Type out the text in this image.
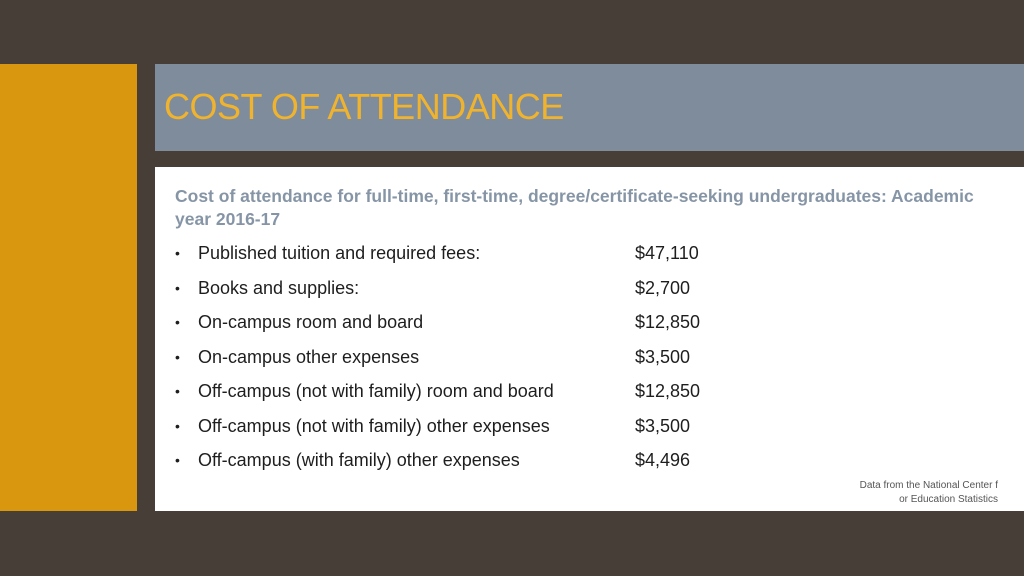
COST OF ATTENDANCE

Cost of attendance for full-time, first-time, degree/certificate-seeking undergraduates: Academic year 2016-17

•	Published tuition and required fees:	$47,110
•	Books and supplies:	$2,700
•	On-campus room and board	$12,850
•	On-campus other expenses	$3,500
•	Off-campus (not with family) room and board	$12,850
•	Off-campus (not with family) other expenses	$3,500
•	Off-campus (with family) other expenses	$4,496

Data from the National Center for Education Statistics
